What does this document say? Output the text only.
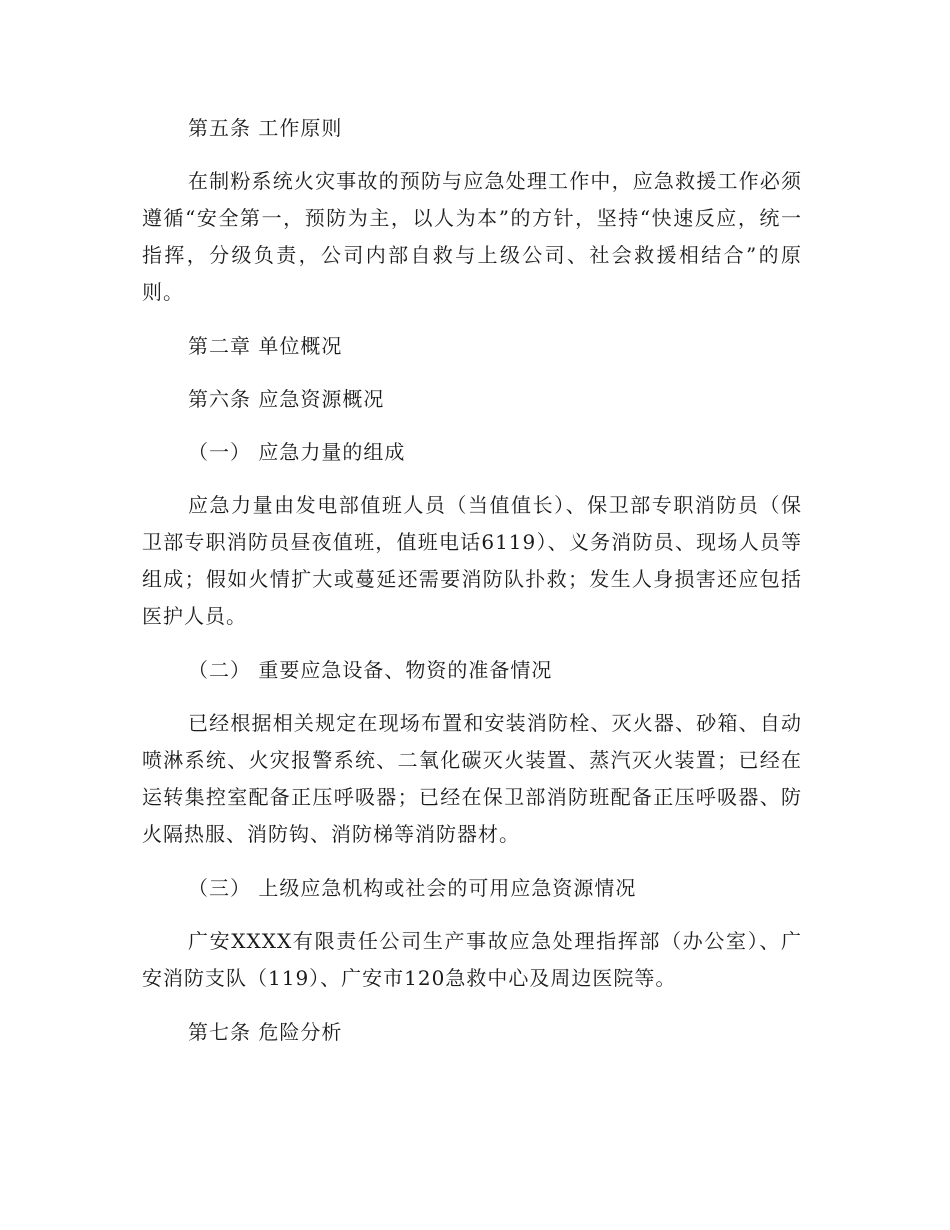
第五条 工作原则

在制粉系统火灾事故的预防与应急处理工作中，应急救援工作必须遵循“安全第一，预防为主，以人为本”的方针，坚持“快速反应，统一指挥，分级负责，公司内部自救与上级公司、社会救援相结合”的原则。

第二章 单位概况

第六条 应急资源概况

（一） 应急力量的组成

应急力量由发电部值班人员（当值值长）、保卫部专职消防员（保卫部专职消防员昼夜值班，值班电话6119）、义务消防员、现场人员等组成；假如火情扩大或蔓延还需要消防队扑救；发生人身损害还应包括医护人员。

（二） 重要应急设备、物资的准备情况

已经根据相关规定在现场布置和安装消防栓、灭火器、砂箱、自动喷淋系统、火灾报警系统、二氧化碳灭火装置、蒸汽灭火装置；已经在运转集控室配备正压呼吸器；已经在保卫部消防班配备正压呼吸器、防火隔热服、消防钩、消防梯等消防器材。

（三） 上级应急机构或社会的可用应急资源情况

广安XXXX有限责任公司生产事故应急处理指挥部（办公室）、广安消防支队（119）、广安市120急救中心及周边医院等。

第七条 危险分析
